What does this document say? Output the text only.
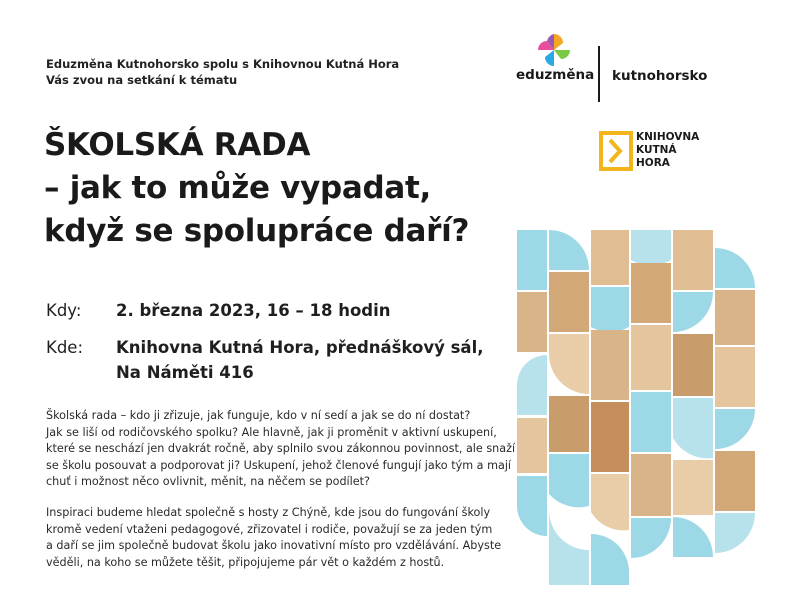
Eduzměna Kutnohorsko spolu s Knihovnou Kutná Hora
Vás zvou na setkání k tématu
ŠKOLSKÁ RADA
– jak to může vypadat,
když se spolupráce daří?
Kdy:	2. března 2023, 16 – 18 hodin
Kde:	Knihovna Kutná Hora, přednáškový sál,
Na Náměti 416

Školská rada – kdo ji zřizuje, jak funguje, kdo v ní sedí a jak se do ní dostat?
Jak se liší od rodičovského spolku? Ale hlavně, jak ji proměnit v aktivní uskupení,
které se neschází jen dvakrát ročně, aby splnilo svou zákonnou povinnost, ale snaží
se školu posouvat a podporovat ji? Uskupení, jehož členové fungují jako tým a mají
chuť i možnost něco ovlivnit, měnit, na něčem se podílet?

Inspiraci budeme hledat společně s hosty z Chýně, kde jsou do fungování školy
kromě vedení vtaženi pedagogové, zřizovatel i rodiče, považují se za jeden tým
a daří se jim společně budovat školu jako inovativní místo pro vzdělávání. Abyste
věděli, na koho se můžete těšit, připojujeme pár vět o každém z hostů.

eduzměna kutnohorsko
KNIHOVNA
KUTNÁ
HORA
